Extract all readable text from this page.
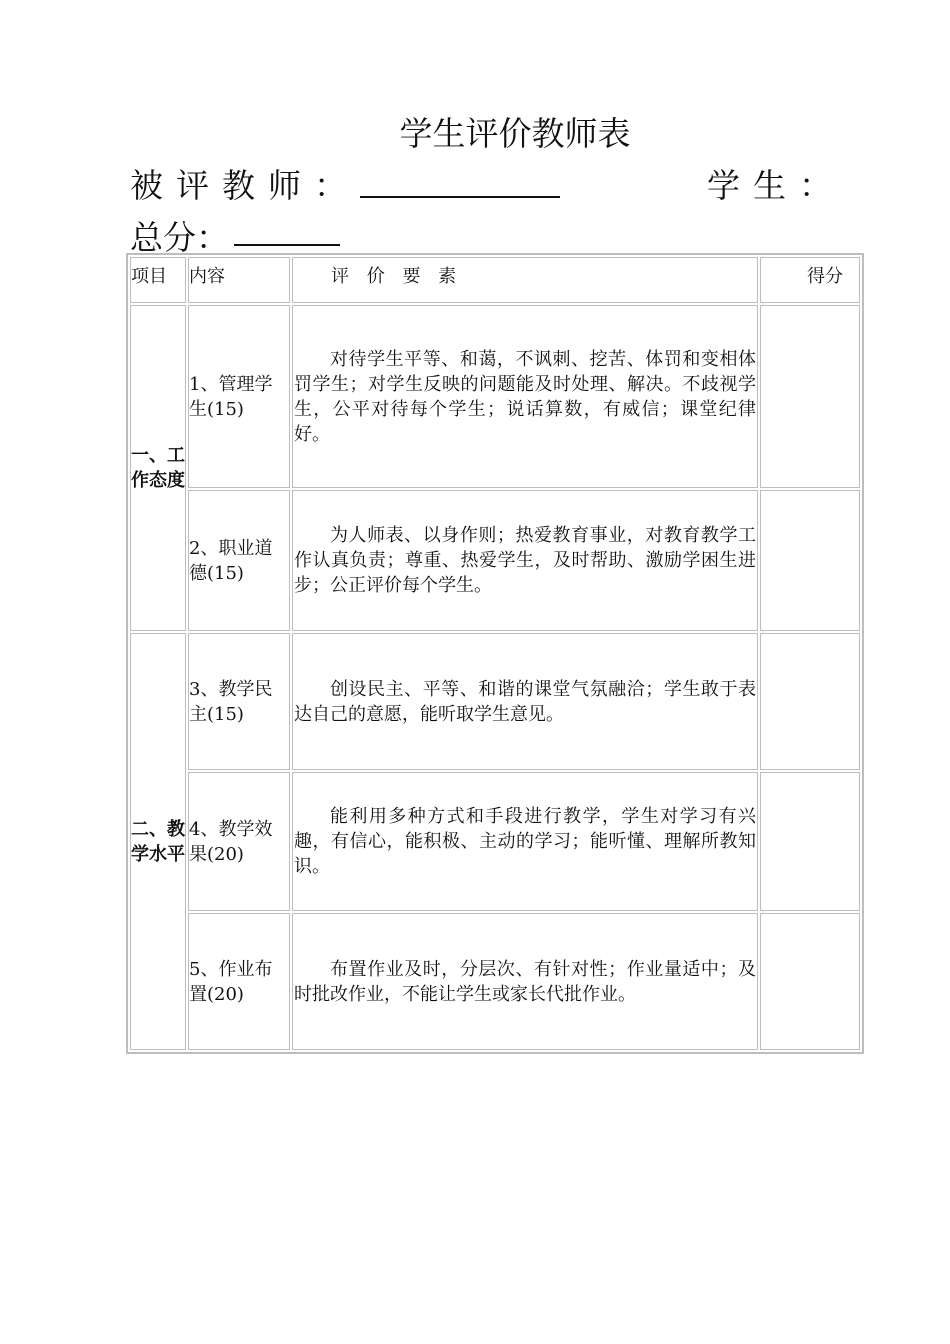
学生评价教师表
被评教师：	学生：
总分：
项目	内容	评 价 要 素	得分
一、工作态度	1、管理学生(15)	对待学生平等、和蔼，不讽刺、挖苦、体罚和变相体罚学生；对学生反映的问题能及时处理、解决。不歧视学生，公平对待每个学生；说话算数，有威信；课堂纪律好。	
	2、职业道德(15)	为人师表、以身作则；热爱教育事业，对教育教学工作认真负责；尊重、热爱学生，及时帮助、激励学困生进步；公正评价每个学生。	
二、教学水平	3、教学民主(15)	创设民主、平等、和谐的课堂气氛融洽；学生敢于表达自己的意愿，能听取学生意见。	
	4、教学效果(20)	能利用多种方式和手段进行教学，学生对学习有兴趣，有信心，能积极、主动的学习；能听懂、理解所教知识。	
	5、作业布置(20)	布置作业及时，分层次、有针对性；作业量适中；及时批改作业，不能让学生或家长代批作业。	
